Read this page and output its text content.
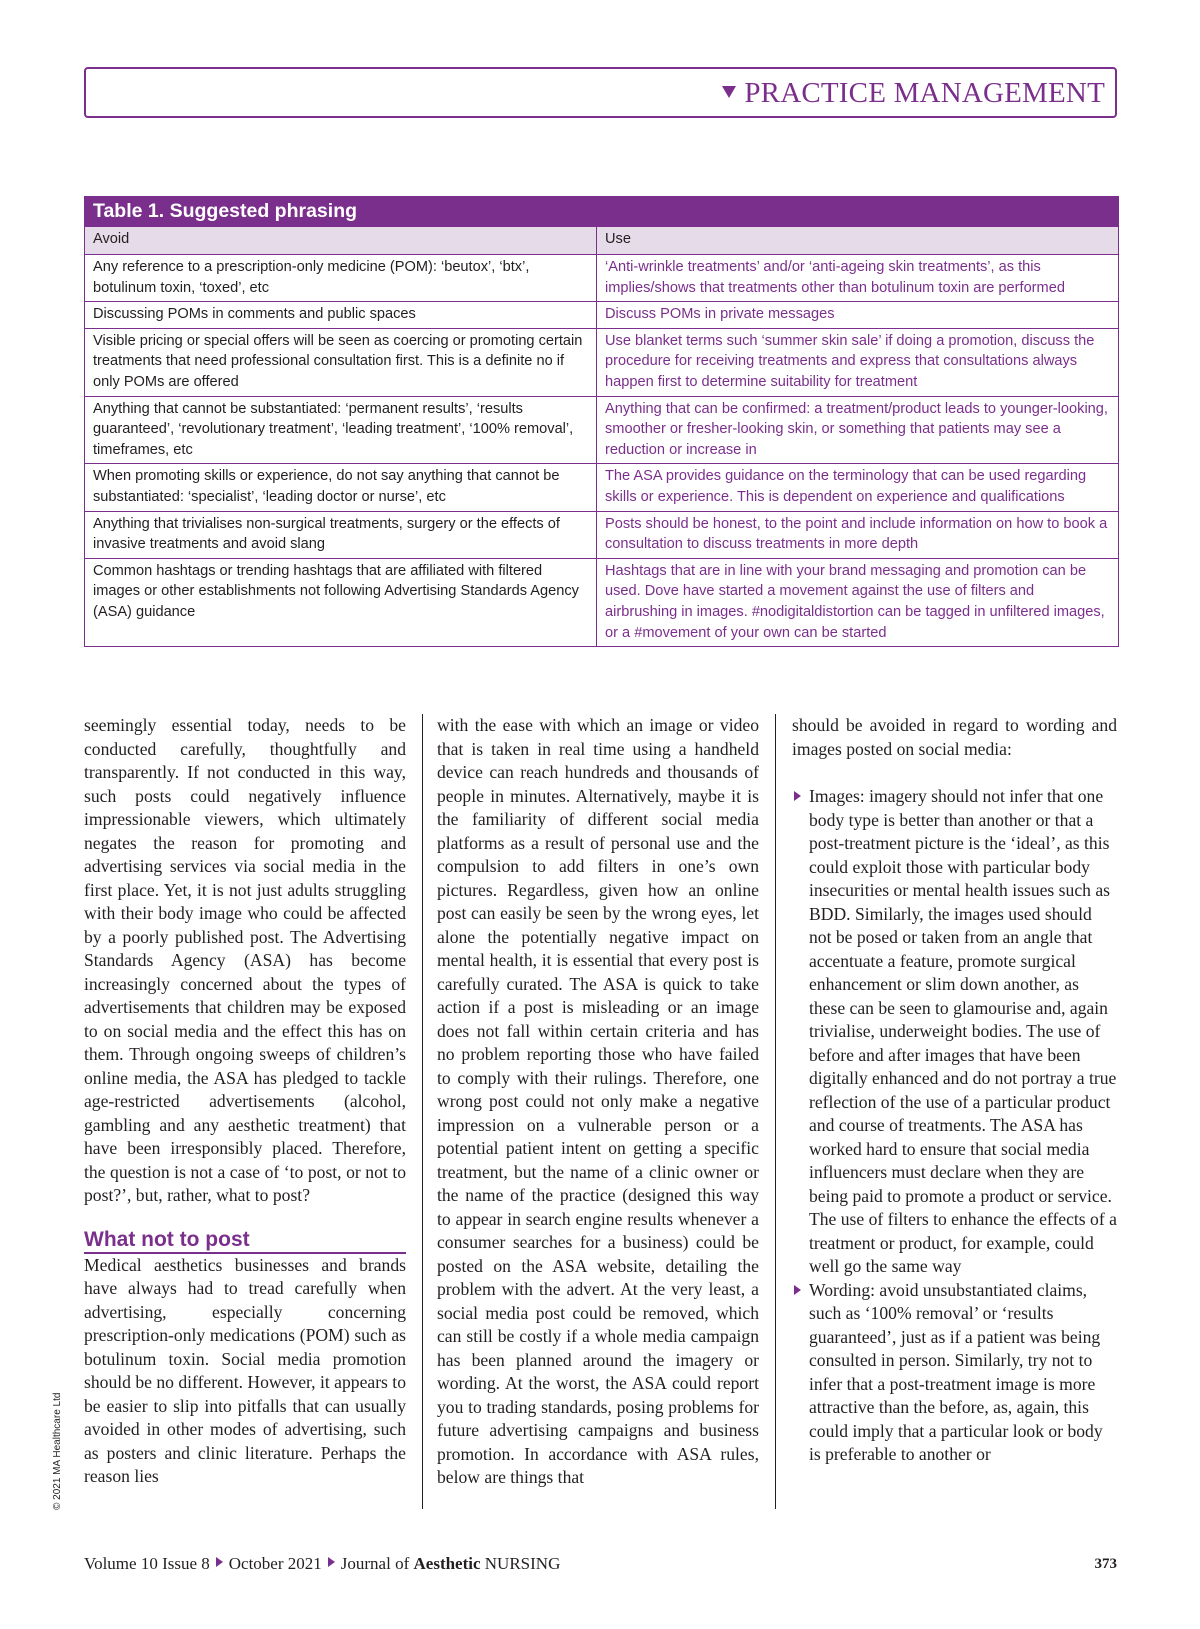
PRACTICE MANAGEMENT
Table 1. Suggested phrasing
Avoid	Use
Any reference to a prescription-only medicine (POM): ‘beutox’, ‘btx’, botulinum toxin, ‘toxed’, etc	‘Anti-wrinkle treatments’ and/or ‘anti-ageing skin treatments’, as this implies/shows that treatments other than botulinum toxin are performed
Discussing POMs in comments and public spaces	Discuss POMs in private messages
Visible pricing or special offers will be seen as coercing or promoting certain treatments that need professional consultation first. This is a definite no if only POMs are offered	Use blanket terms such ‘summer skin sale’ if doing a promotion, discuss the procedure for receiving treatments and express that consultations always happen first to determine suitability for treatment
Anything that cannot be substantiated: ‘permanent results’, ‘results guaranteed’, ‘revolutionary treatment’, ‘leading treatment’, ‘100% removal’, timeframes, etc	Anything that can be confirmed: a treatment/product leads to younger-looking, smoother or fresher-looking skin, or something that patients may see a reduction or increase in
When promoting skills or experience, do not say anything that cannot be substantiated: ‘specialist’, ‘leading doctor or nurse’, etc	The ASA provides guidance on the terminology that can be used regarding skills or experience. This is dependent on experience and qualifications
Anything that trivialises non-surgical treatments, surgery or the effects of invasive treatments and avoid slang	Posts should be honest, to the point and include information on how to book a consultation to discuss treatments in more depth
Common hashtags or trending hashtags that are affiliated with filtered images or other establishments not following Advertising Standards Agency (ASA) guidance	Hashtags that are in line with your brand messaging and promotion can be used. Dove have started a movement against the use of filters and airbrushing in images. #nodigitaldistortion can be tagged in unfiltered images, or a #movement of your own can be started

seemingly essential today, needs to be conducted carefully, thoughtfully and transparently. If not conducted in this way, such posts could negatively influence impressionable viewers, which ultimately negates the reason for promoting and advertising services via social media in the first place. Yet, it is not just adults struggling with their body image who could be affected by a poorly published post. The Advertising Standards Agency (ASA) has become increasingly concerned about the types of advertisements that children may be exposed to on social media and the effect this has on them. Through ongoing sweeps of children’s online media, the ASA has pledged to tackle age-restricted advertisements (alcohol, gambling and any aesthetic treatment) that have been irresponsibly placed. Therefore, the question is not a case of ‘to post, or not to post?’, but, rather, what to post?

What not to post

Medical aesthetics businesses and brands have always had to tread carefully when advertising, especially concerning prescription-only medications (POM) such as botulinum toxin. Social media promotion should be no different. However, it appears to be easier to slip into pitfalls that can usually avoided in other modes of advertising, such as posters and clinic literature. Perhaps the reason lies

with the ease with which an image or video that is taken in real time using a handheld device can reach hundreds and thousands of people in minutes. Alternatively, maybe it is the familiarity of different social media platforms as a result of personal use and the compulsion to add filters in one’s own pictures. Regardless, given how an online post can easily be seen by the wrong eyes, let alone the potentially negative impact on mental health, it is essential that every post is carefully curated. The ASA is quick to take action if a post is misleading or an image does not fall within certain criteria and has no problem reporting those who have failed to comply with their rulings. Therefore, one wrong post could not only make a negative impression on a vulnerable person or a potential patient intent on getting a specific treatment, but the name of a clinic owner or the name of the practice (designed this way to appear in search engine results whenever a consumer searches for a business) could be posted on the ASA website, detailing the problem with the advert. At the very least, a social media post could be removed, which can still be costly if a whole media campaign has been planned around the imagery or wording. At the worst, the ASA could report you to trading standards, posing problems for future advertising campaigns and business promotion. In accordance with ASA rules, below are things that

should be avoided in regard to wording and images posted on social media:

Images: imagery should not infer that one body type is better than another or that a post-treatment picture is the ‘ideal’, as this could exploit those with particular body insecurities or mental health issues such as BDD. Similarly, the images used should not be posed or taken from an angle that accentuate a feature, promote surgical enhancement or slim down another, as these can be seen to glamourise and, again trivialise, underweight bodies. The use of before and after images that have been digitally enhanced and do not portray a true reflection of the use of a particular product and course of treatments. The ASA has worked hard to ensure that social media influencers must declare when they are being paid to promote a product or service. The use of filters to enhance the effects of a treatment or product, for example, could well go the same way
Wording: avoid unsubstantiated claims, such as ‘100% removal’ or ‘results guaranteed’, just as if a patient was being consulted in person. Similarly, try not to infer that a post-treatment image is more attractive than the before, as, again, this could imply that a particular look or body is preferable to another or
© 2021 MA Healthcare Ltd
Volume 10 Issue 8 October 2021 Journal of Aesthetic NURSING	373
